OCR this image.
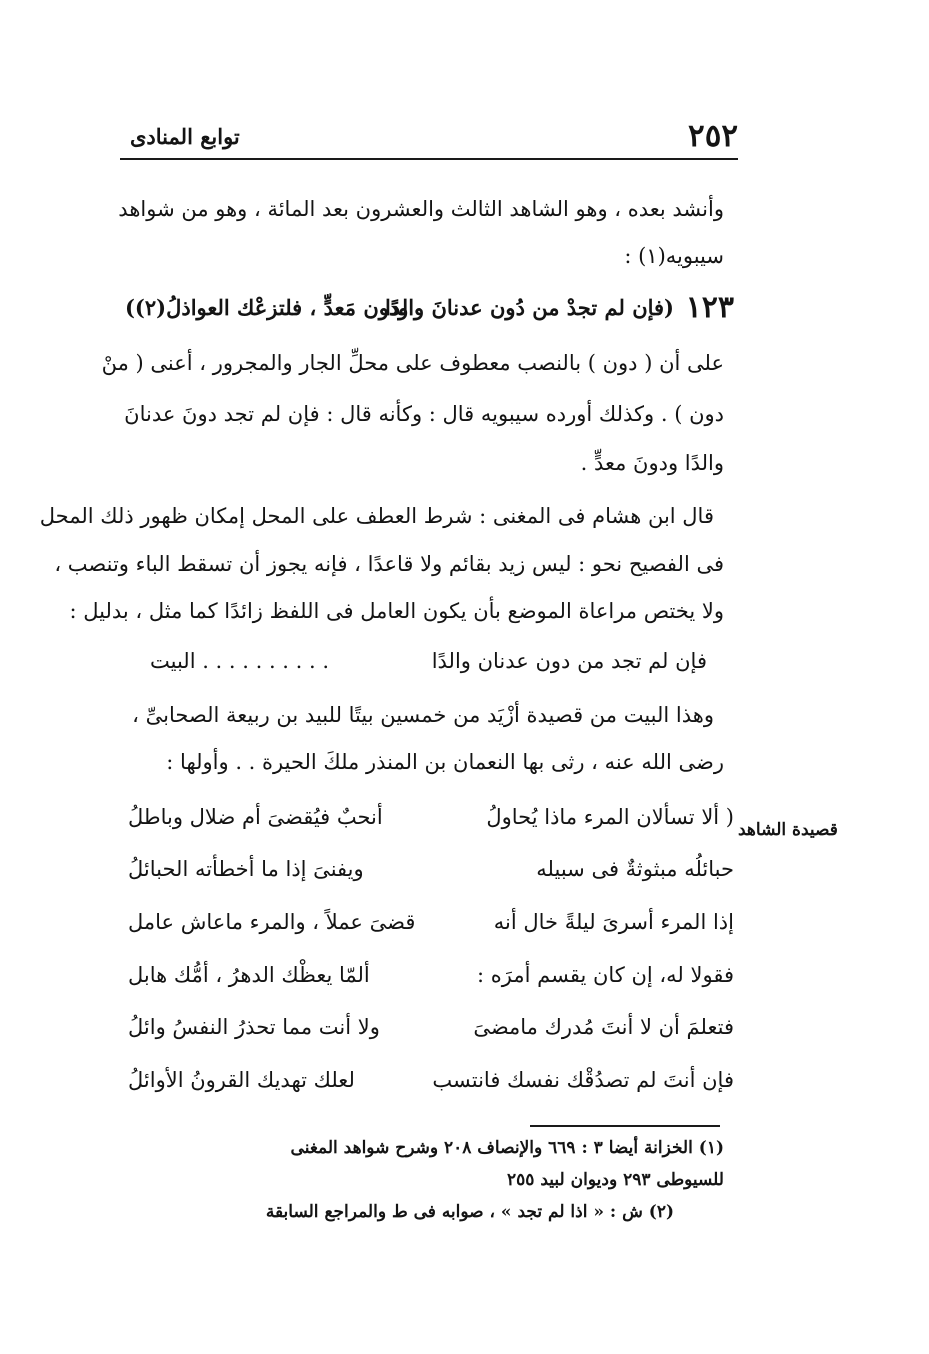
توابع المنادى	٢٥٢
وأنشد بعده ، وهو الشاهد الثالث والعشرون بعد المائة ، وهو من شواهد
سيبويه(١) :
١٢٣
(فإن لم تجدْ من دُون عدنانَ والدًا
ودون مَعدٍّ ، فلتزعْك العواذلُ(٢))
على أن ( دون ) بالنصب معطوف على محلِّ الجار والمجرور ، أعنى ( منْ
دون ) . وكذلك أورده سيبويه قال : وكأنه قال : فإن لم تجد دونَ عدنانَ
والدًا ودونَ معدٍّ .
قال ابن هشام فى المغنى : شرط العطف على المحل إمكان ظهور ذلك المحل
فى الفصيح نحو : ليس زيد بقائم ولا قاعدًا ، فإنه يجوز أن تسقط الباء وتنصب ،
ولا يختص مراعاة الموضع بأن يكون العامل فى اللفظ زائدًا كما مثل ، بدليل :
فإن لم تجد من دون عدنان والدًا
. . . . . . . . . . البيت
وهذا البيت من قصيدة أزْيَد من خمسين بيتًا للبيد بن ربيعة الصحابىِّ ،
رضى الله عنه ، رثى بها النعمان بن المنذر ملكَ الحيرة . . وأولها :
قصيدة الشاهد
( ألا تسألان المرء ماذا يُحاولُ
أنحبٌ فيُقضىَ أم ضلال وباطلُ
حبائلُه مبثوثةٌ فى سبيله
ويفنىَ إذا ما أخطأته الحبائلُ
إذا المرء أسرىَ ليلةً خال أنه
قضىَ عملاً ، والمرء ماعاش عامل
فقولا له، إن كان يقسم أمرَه :
ألمّا يعظْك الدهرُ ، أمُّك هابل
فتعلمَ أن لا أنتَ مُدرك مامضىَ
ولا أنت مما تحذرُ النفسُ وائلُ
فإن أنتَ لم تصدُقْك نفسك فانتسب
لعلك تهديك القرونُ الأوائلُ
(١) الخزانة أيضا ٣ : ٦٦٩ والإنصاف ٢٠٨ وشرح شواهد المغنى
للسيوطى ٢٩٣ وديوان لبيد ٢٥٥
(٢) ش : « اذا لم تجد » ، صوابه فى ط والمراجع السابقة
